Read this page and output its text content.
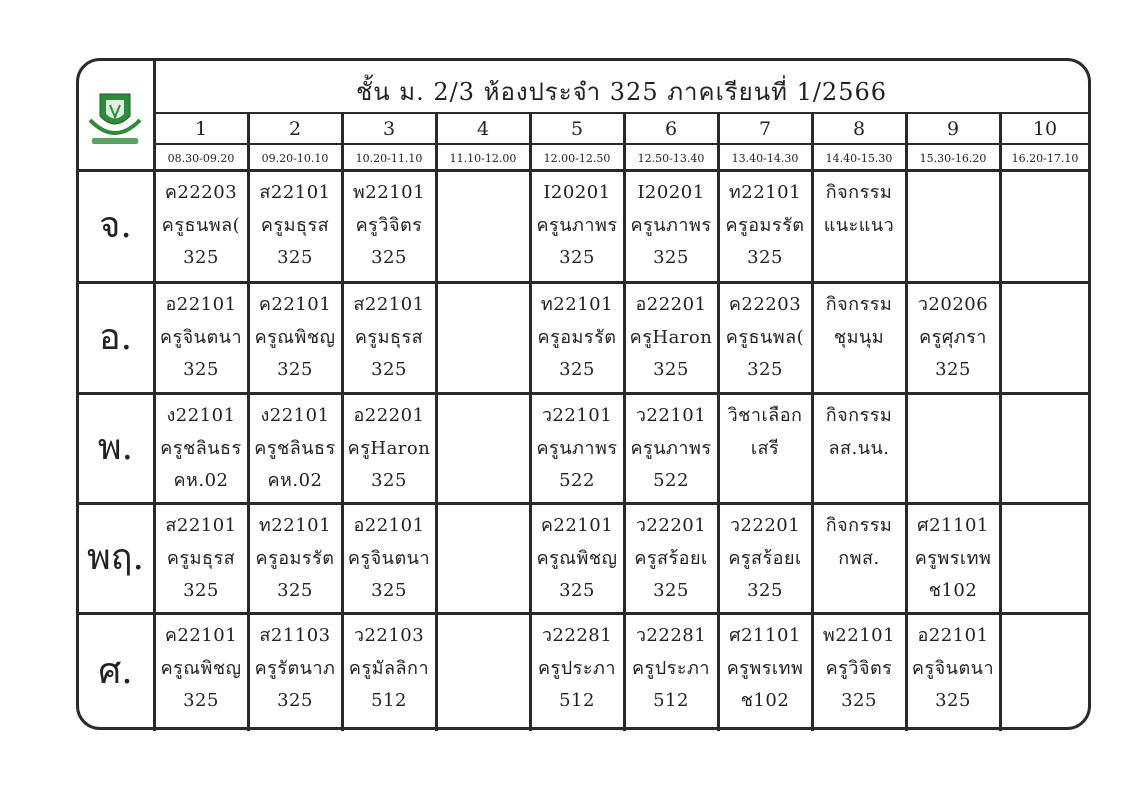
ชั้น ม. 2/3 ห้องประจำ 325 ภาคเรียนที่ 1/2566
1
08.30-09.20
2
09.20-10.10
3
10.20-11.10
4
11.10-12.00
5
12.00-12.50
6
12.50-13.40
7
13.40-14.30
8
14.40-15.30
9
15.30-16.20
10
16.20-17.10
จ.
ค22203
ครูธนพล(
325
ส22101
ครูมธุรส
325
พ22101
ครูวิจิตร
325
I20201
ครูนภาพร
325
I20201
ครูนภาพร
325
ท22101
ครูอมรรัต
325
กิจกรรม
แนะแนว
อ.
อ22101
ครูจินตนา
325
ค22101
ครูณพิชญ
325
ส22101
ครูมธุรส
325
ท22101
ครูอมรรัต
325
อ22201
ครูHaron
325
ค22203
ครูธนพล(
325
กิจกรรม
ชุมนุม
ว20206
ครูศุภรา
325
พ.
ง22101
ครูชลินธร
คห.02
ง22101
ครูชลินธร
คห.02
อ22201
ครูHaron
325
ว22101
ครูนภาพร
522
ว22101
ครูนภาพร
522
วิชาเลือก
เสรี
กิจกรรม
ลส.นน.
พฤ.
ส22101
ครูมธุรส
325
ท22101
ครูอมรรัต
325
อ22101
ครูจินตนา
325
ค22101
ครูณพิชญ
325
ว22201
ครูสร้อยเ
325
ว22201
ครูสร้อยเ
325
กิจกรรม
กพส.
ศ21101
ครูพรเทพ
ช102
ศ.
ค22101
ครูณพิชญ
325
ส21103
ครูรัตนาภ
325
ว22103
ครูมัลลิกา
512
ว22281
ครูประภา
512
ว22281
ครูประภา
512
ศ21101
ครูพรเทพ
ช102
พ22101
ครูวิจิตร
325
อ22101
ครูจินตนา
325
